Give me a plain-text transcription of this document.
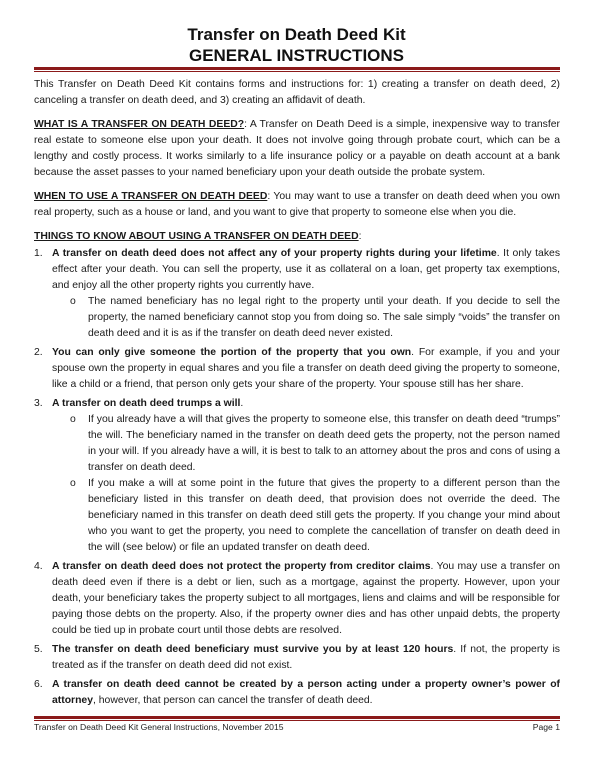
Transfer on Death Deed Kit
GENERAL INSTRUCTIONS

This Transfer on Death Deed Kit contains forms and instructions for: 1) creating a transfer on death deed, 2) canceling a transfer on death deed, and 3) creating an affidavit of death.

WHAT IS A TRANSFER ON DEATH DEED?: A Transfer on Death Deed is a simple, inexpensive way to transfer real estate to someone else upon your death. It does not involve going through probate court, which can be a lengthy and costly process. It works similarly to a life insurance policy or a payable on death account at a bank because the asset passes to your named beneficiary upon your death outside the probate system.

WHEN TO USE A TRANSFER ON DEATH DEED: You may want to use a transfer on death deed when you own real property, such as a house or land, and you want to give that property to someone else when you die.

THINGS TO KNOW ABOUT USING A TRANSFER ON DEATH DEED:

1. A transfer on death deed does not affect any of your property rights during your lifetime. It only takes effect after your death. You can sell the property, use it as collateral on a loan, get property tax exemptions, and enjoy all the other property rights you currently have.
o The named beneficiary has no legal right to the property until your death. If you decide to sell the property, the named beneficiary cannot stop you from doing so. The sale simply “voids” the transfer on death deed and it is as if the transfer on death deed never existed.
2. You can only give someone the portion of the property that you own. For example, if you and your spouse own the property in equal shares and you file a transfer on death deed giving the property to someone, like a child or a friend, that person only gets your share of the property. Your spouse still has her share.
3. A transfer on death deed trumps a will.
o If you already have a will that gives the property to someone else, this transfer on death deed “trumps” the will. The beneficiary named in the transfer on death deed gets the property, not the person named in your will. If you already have a will, it is best to talk to an attorney about the pros and cons of using a transfer on death deed.
o If you make a will at some point in the future that gives the property to a different person than the beneficiary listed in this transfer on death deed, that provision does not override the deed. The beneficiary named in this transfer on death deed still gets the property. If you change your mind about who you want to get the property, you need to complete the cancellation of transfer on death deed in the will (see below) or file an updated transfer on death deed.
4. A transfer on death deed does not protect the property from creditor claims. You may use a transfer on death deed even if there is a debt or lien, such as a mortgage, against the property. However, upon your death, your beneficiary takes the property subject to all mortgages, liens and claims and will be responsible for paying those debts on the property. Also, if the property owner dies and has other unpaid debts, the property could be tied up in probate court until those debts are resolved.
5. The transfer on death deed beneficiary must survive you by at least 120 hours. If not, the property is treated as if the transfer on death deed did not exist.
6. A transfer on death deed cannot be created by a person acting under a property owner’s power of attorney, however, that person can cancel the transfer of death deed.
Transfer on Death Deed Kit General Instructions, November 2015	Page 1
